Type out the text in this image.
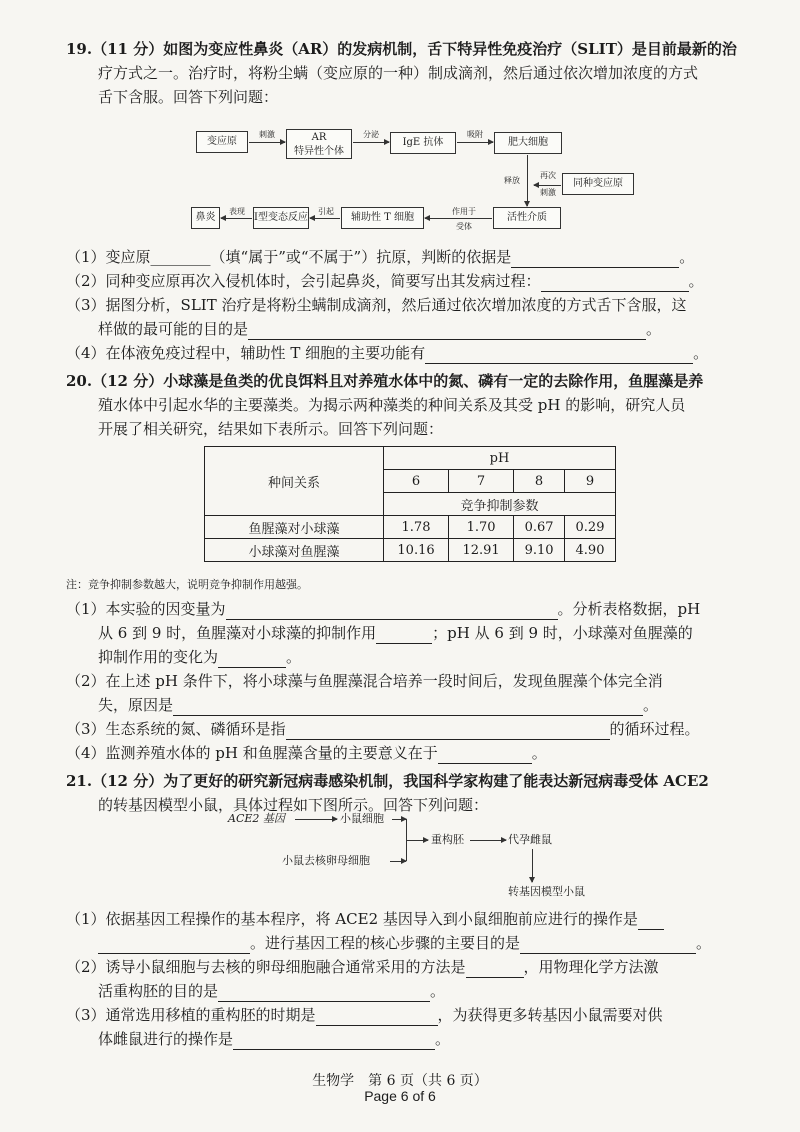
19.（11 分）如图为变应性鼻炎（AR）的发病机制，舌下特异性免疫治疗（SLIT）是目前最新的治
疗方式之一。治疗时，将粉尘螨（变应原的一种）制成滴剂，然后通过依次增加浓度的方式
舌下含服。回答下列问题：
变应原
刺激	AR
特异性个体
分泌
IgE 抗体
吸附
肥大细胞
释放
再次
刺激
同种变应原
活性介质
作用于
受体
辅助性 T 细胞
引起
Ⅰ型变态反应
表现
鼻炎
（1）变应原________（填“属于”或“不属于”）抗原，判断的依据是	。
（2）同种变应原再次入侵机体时，会引起鼻炎，简要写出其发病过程：	。
（3）据图分析，SLIT 治疗是将粉尘螨制成滴剂，然后通过依次增加浓度的方式舌下含服，这
样做的最可能的目的是	。
（4）在体液免疫过程中，辅助性 T 细胞的主要功能有	。
20.（12 分）小球藻是鱼类的优良饵料且对养殖水体中的氮、磷有一定的去除作用，鱼腥藻是养
殖水体中引起水华的主要藻类。为揭示两种藻类的种间关系及其受 pH 的影响，研究人员
开展了相关研究，结果如下表所示。回答下列问题：
种间关系	pH			
	6	7	8	9
	竞争抑制参数			
鱼腥藻对小球藻	1.78	1.70	0.67	0.29
小球藻对鱼腥藻	10.16	12.91	9.10	4.90
注：竞争抑制参数越大，说明竞争抑制作用越强。
（1）本实验的因变量为	。分析表格数据，pH
从 6 到 9 时，鱼腥藻对小球藻的抑制作用	；pH 从 6 到 9 时，小球藻对鱼腥藻的
抑制作用的变化为	。
（2）在上述 pH 条件下，将小球藻与鱼腥藻混合培养一段时间后，发现鱼腥藻个体完全消
失，原因是	。
（3）生态系统的氮、磷循环是指	的循环过程。
（4）监测养殖水体的 pH 和鱼腥藻含量的主要意义在于	。
21.（12 分）为了更好的研究新冠病毒感染机制，我国科学家构建了能表达新冠病毒受体 ACE2
的转基因模型小鼠，具体过程如下图所示。回答下列问题：
ACE2 基因	小鼠细胞
小鼠去核卵母细胞
重构胚	代孕雌鼠
转基因模型小鼠
（1）依据基因工程操作的基本程序，将 ACE2 基因导入到小鼠细胞前应进行的操作是
。进行基因工程的核心步骤的主要目的是	。
（2）诱导小鼠细胞与去核的卵母细胞融合通常采用的方法是	，用物理化学方法激
活重构胚的目的是	。
（3）通常选用移植的重构胚的时期是	，为获得更多转基因小鼠需要对供
体雌鼠进行的操作是	。
生物学　第 6 页（共 6 页）
Page 6 of 6
